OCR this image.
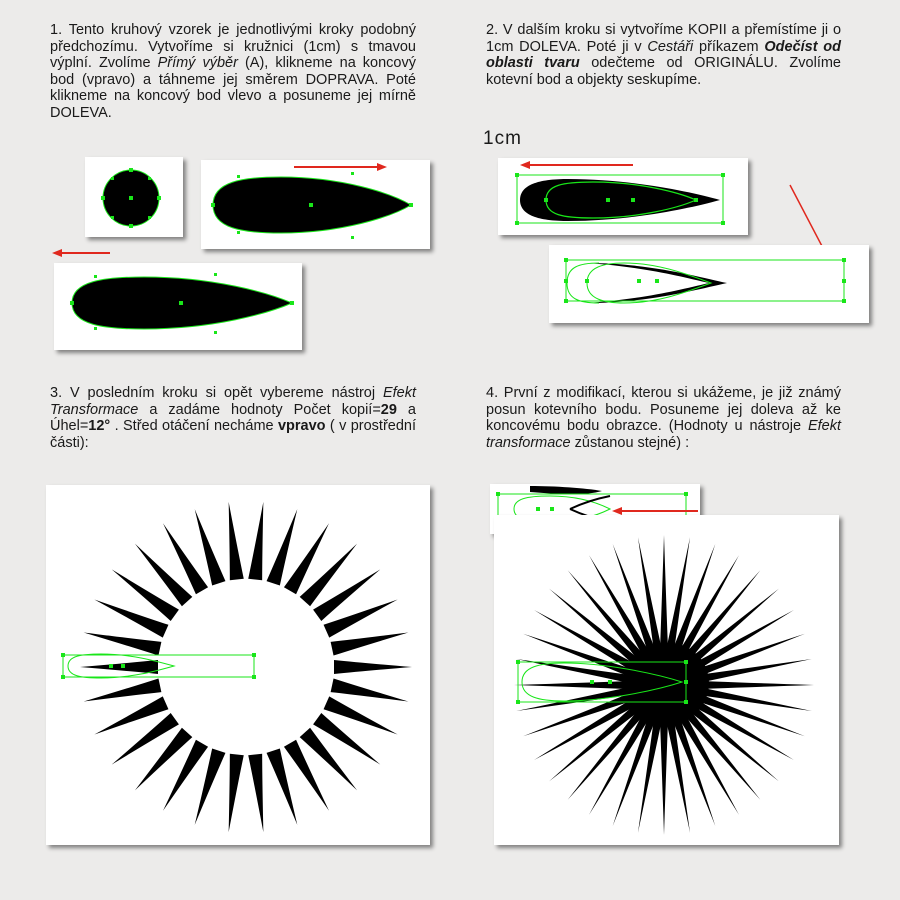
1. Tento kruhový vzorek je jednotlivými kroky podobný předchozímu. Vytvoříme si kružnici (1cm) s tmavou výplní. Zvolíme Přímý výběr (A), klikneme na koncový bod (vpravo) a táhneme jej směrem DOPRAVA. Poté klikneme na koncový bod vlevo a posuneme jej mírně DOLEVA.

2. V dalším kroku si vytvoříme KOPII a přemístíme ji o 1cm DOLEVA. Poté ji v Cestáři příkazem Odečíst od oblasti tvaru odečteme od ORIGINÁLU. Zvolíme kotevní bod a objekty seskupíme.

1cm

3. V posledním kroku si opět vybereme nástroj Efekt Transformace a zadáme hodnoty Počet kopií=29 a Úhel=12° . Střed otáčení necháme vpravo ( v prostřední části):

4. První z modifikací, kterou si ukážeme, je již známý posun kotevního bodu. Posuneme jej doleva až ke koncovému bodu obrazce. (Hodnoty u nástroje Efekt transformace zůstanou stejné) :
